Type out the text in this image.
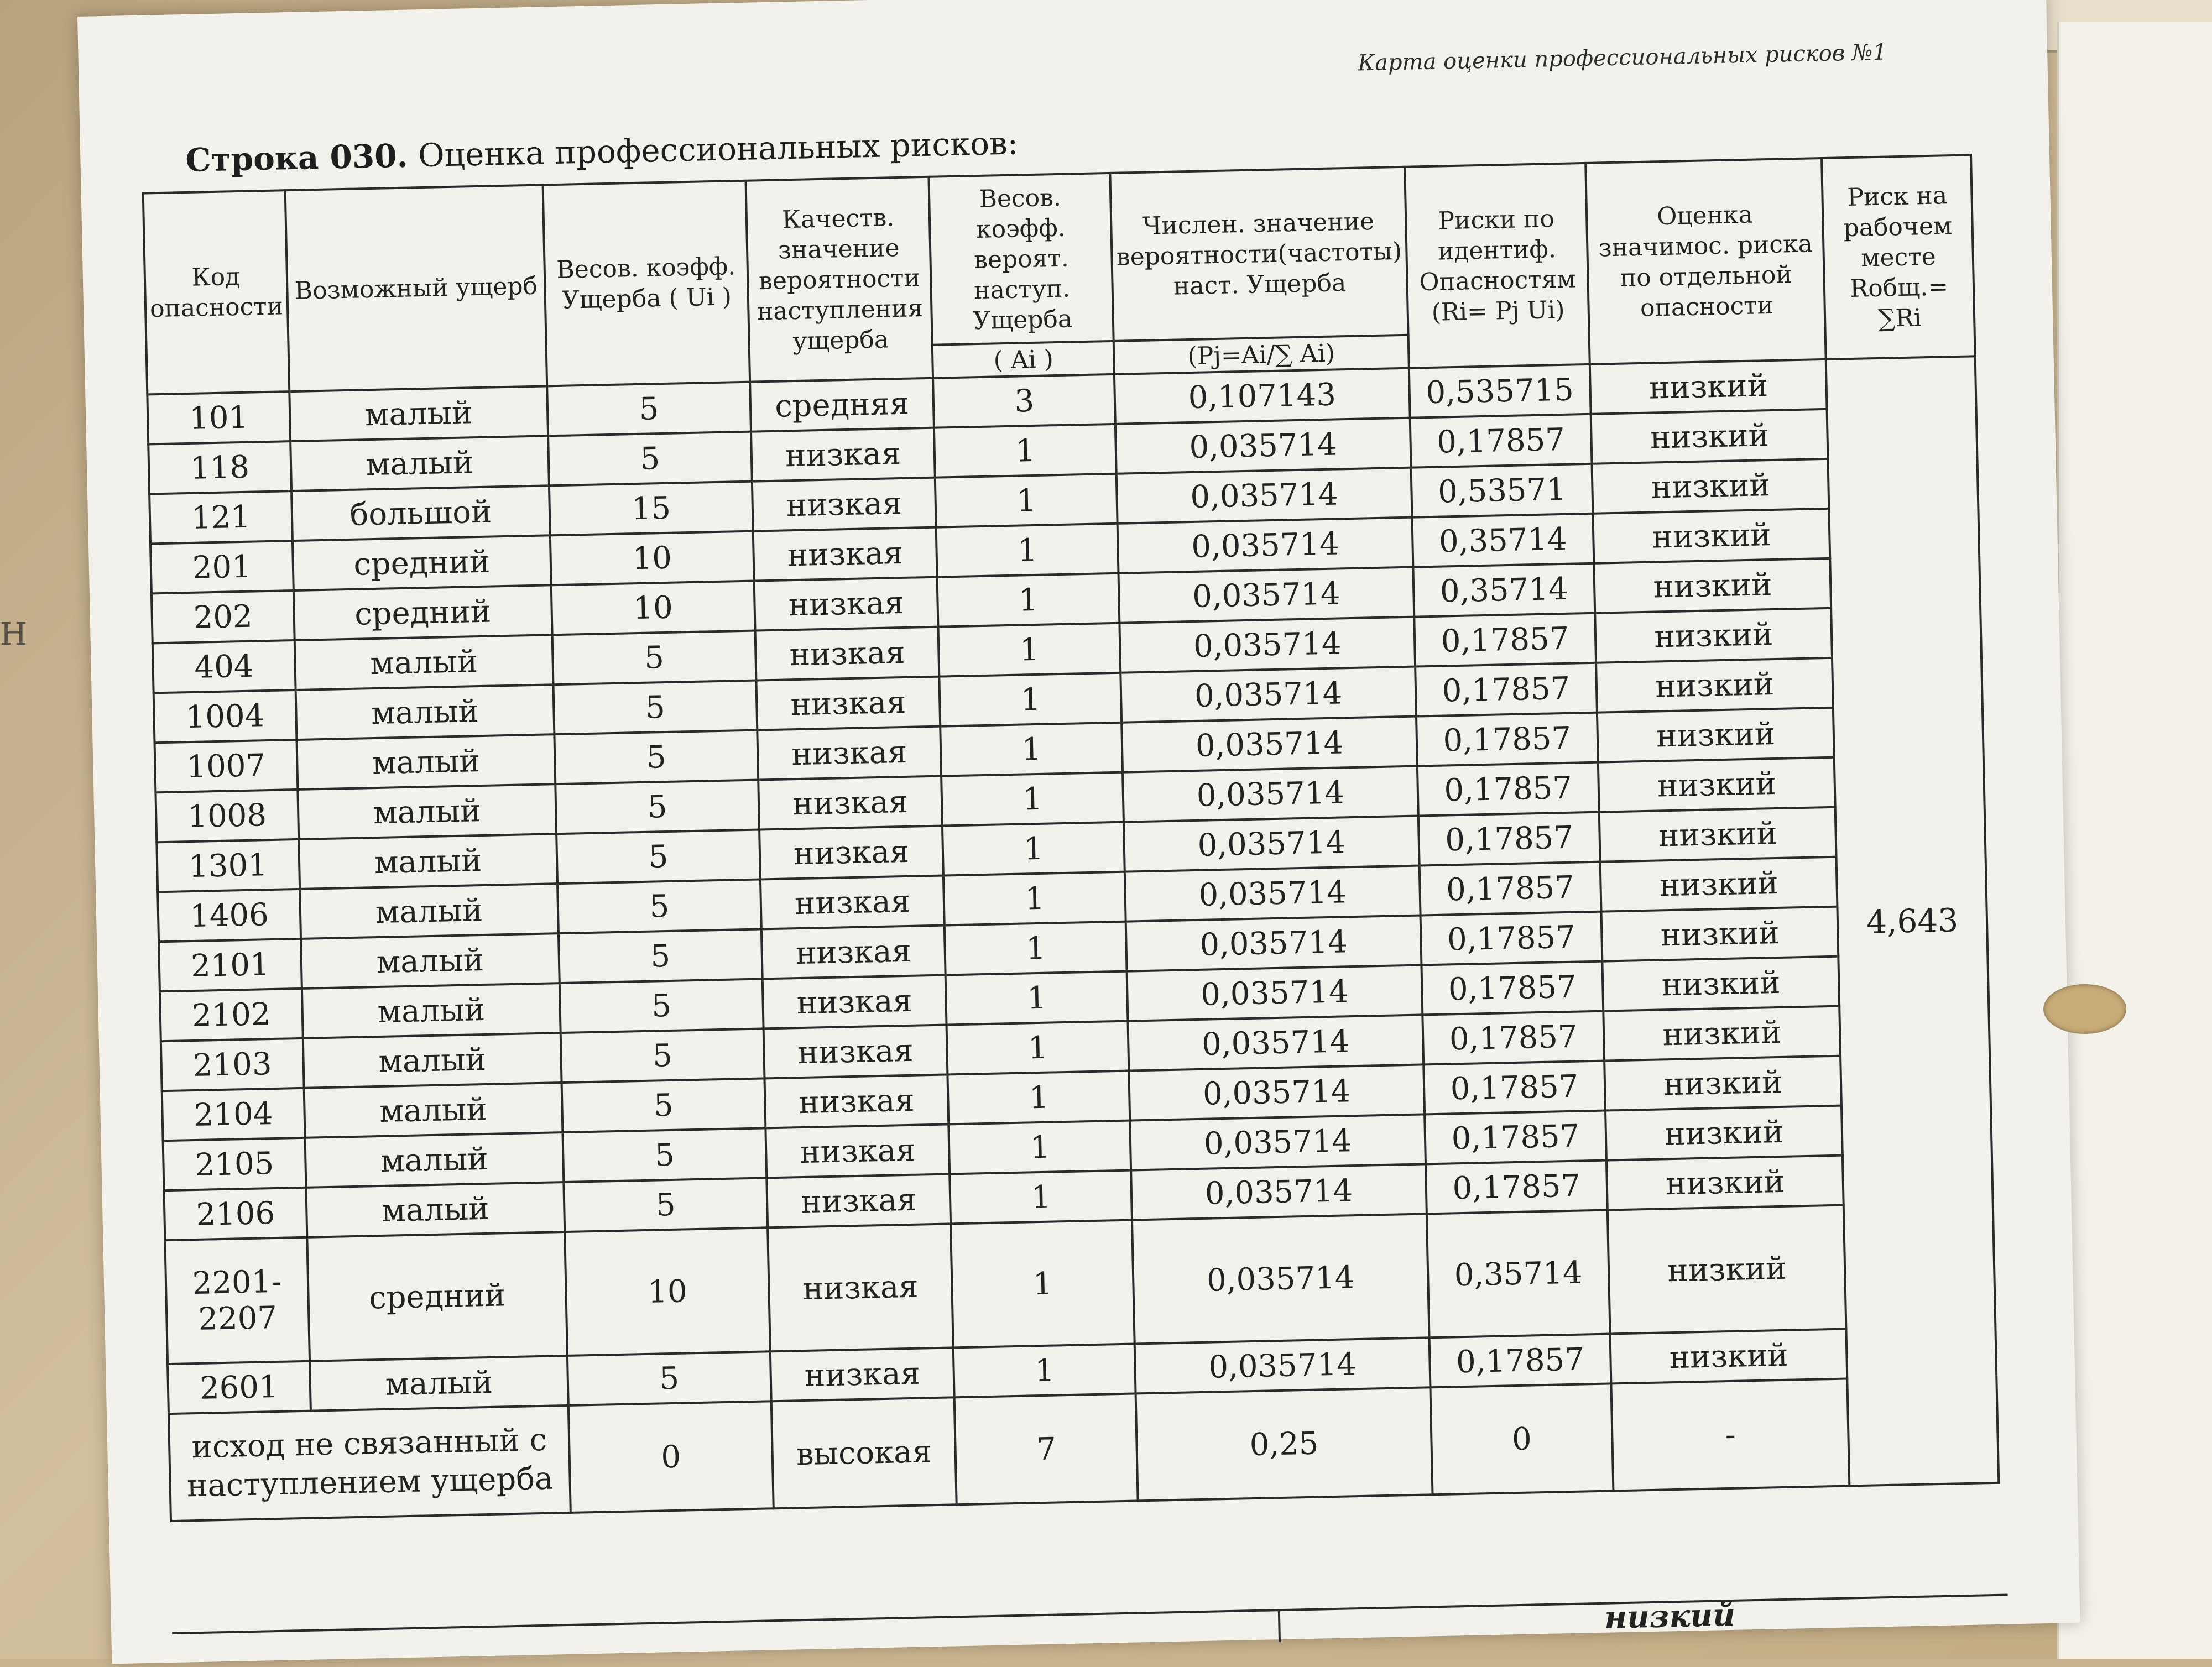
Н
Карта оценки профессиональных рисков №1
Строка 030. Оценка профессиональных рисков:
Код опасности	Возможный ущерб	Весов. коэфф. Ущерба ( Ui )	Качеств. значение вероятности наступления ущерба	Весов. коэфф. вероят. наступ. Ущерба	Числен. значение вероятности(частоты) наст. Ущерба	Риски по идентиф. Опасностям (Ri= Pj Ui)	Оценка значимос. риска по отдельной опасности	Риск на рабочем месте Rобщ.= ∑Ri
				( Ai )	(Pj=Ai/∑ Ai)			
101	малый	5	средняя	3	0,107143	0,535715	низкий	4,643
118	малый	5	низкая	1	0,035714	0,17857	низкий	
121	большой	15	низкая	1	0,035714	0,53571	низкий	
201	средний	10	низкая	1	0,035714	0,35714	низкий	
202	средний	10	низкая	1	0,035714	0,35714	низкий	
404	малый	5	низкая	1	0,035714	0,17857	низкий	
1004	малый	5	низкая	1	0,035714	0,17857	низкий	
1007	малый	5	низкая	1	0,035714	0,17857	низкий	
1008	малый	5	низкая	1	0,035714	0,17857	низкий	
1301	малый	5	низкая	1	0,035714	0,17857	низкий	
1406	малый	5	низкая	1	0,035714	0,17857	низкий	
2101	малый	5	низкая	1	0,035714	0,17857	низкий	
2102	малый	5	низкая	1	0,035714	0,17857	низкий	
2103	малый	5	низкая	1	0,035714	0,17857	низкий	
2104	малый	5	низкая	1	0,035714	0,17857	низкий	
2105	малый	5	низкая	1	0,035714	0,17857	низкий	
2106	малый	5	низкая	1	0,035714	0,17857	низкий	
2201-2207	средний	10	низкая	1	0,035714	0,35714	низкий	
2601	малый	5	низкая	1	0,035714	0,17857	низкий	
исход не связанный с наступлением ущерба		0	высокая	7	0,25	0	-	
низкий
